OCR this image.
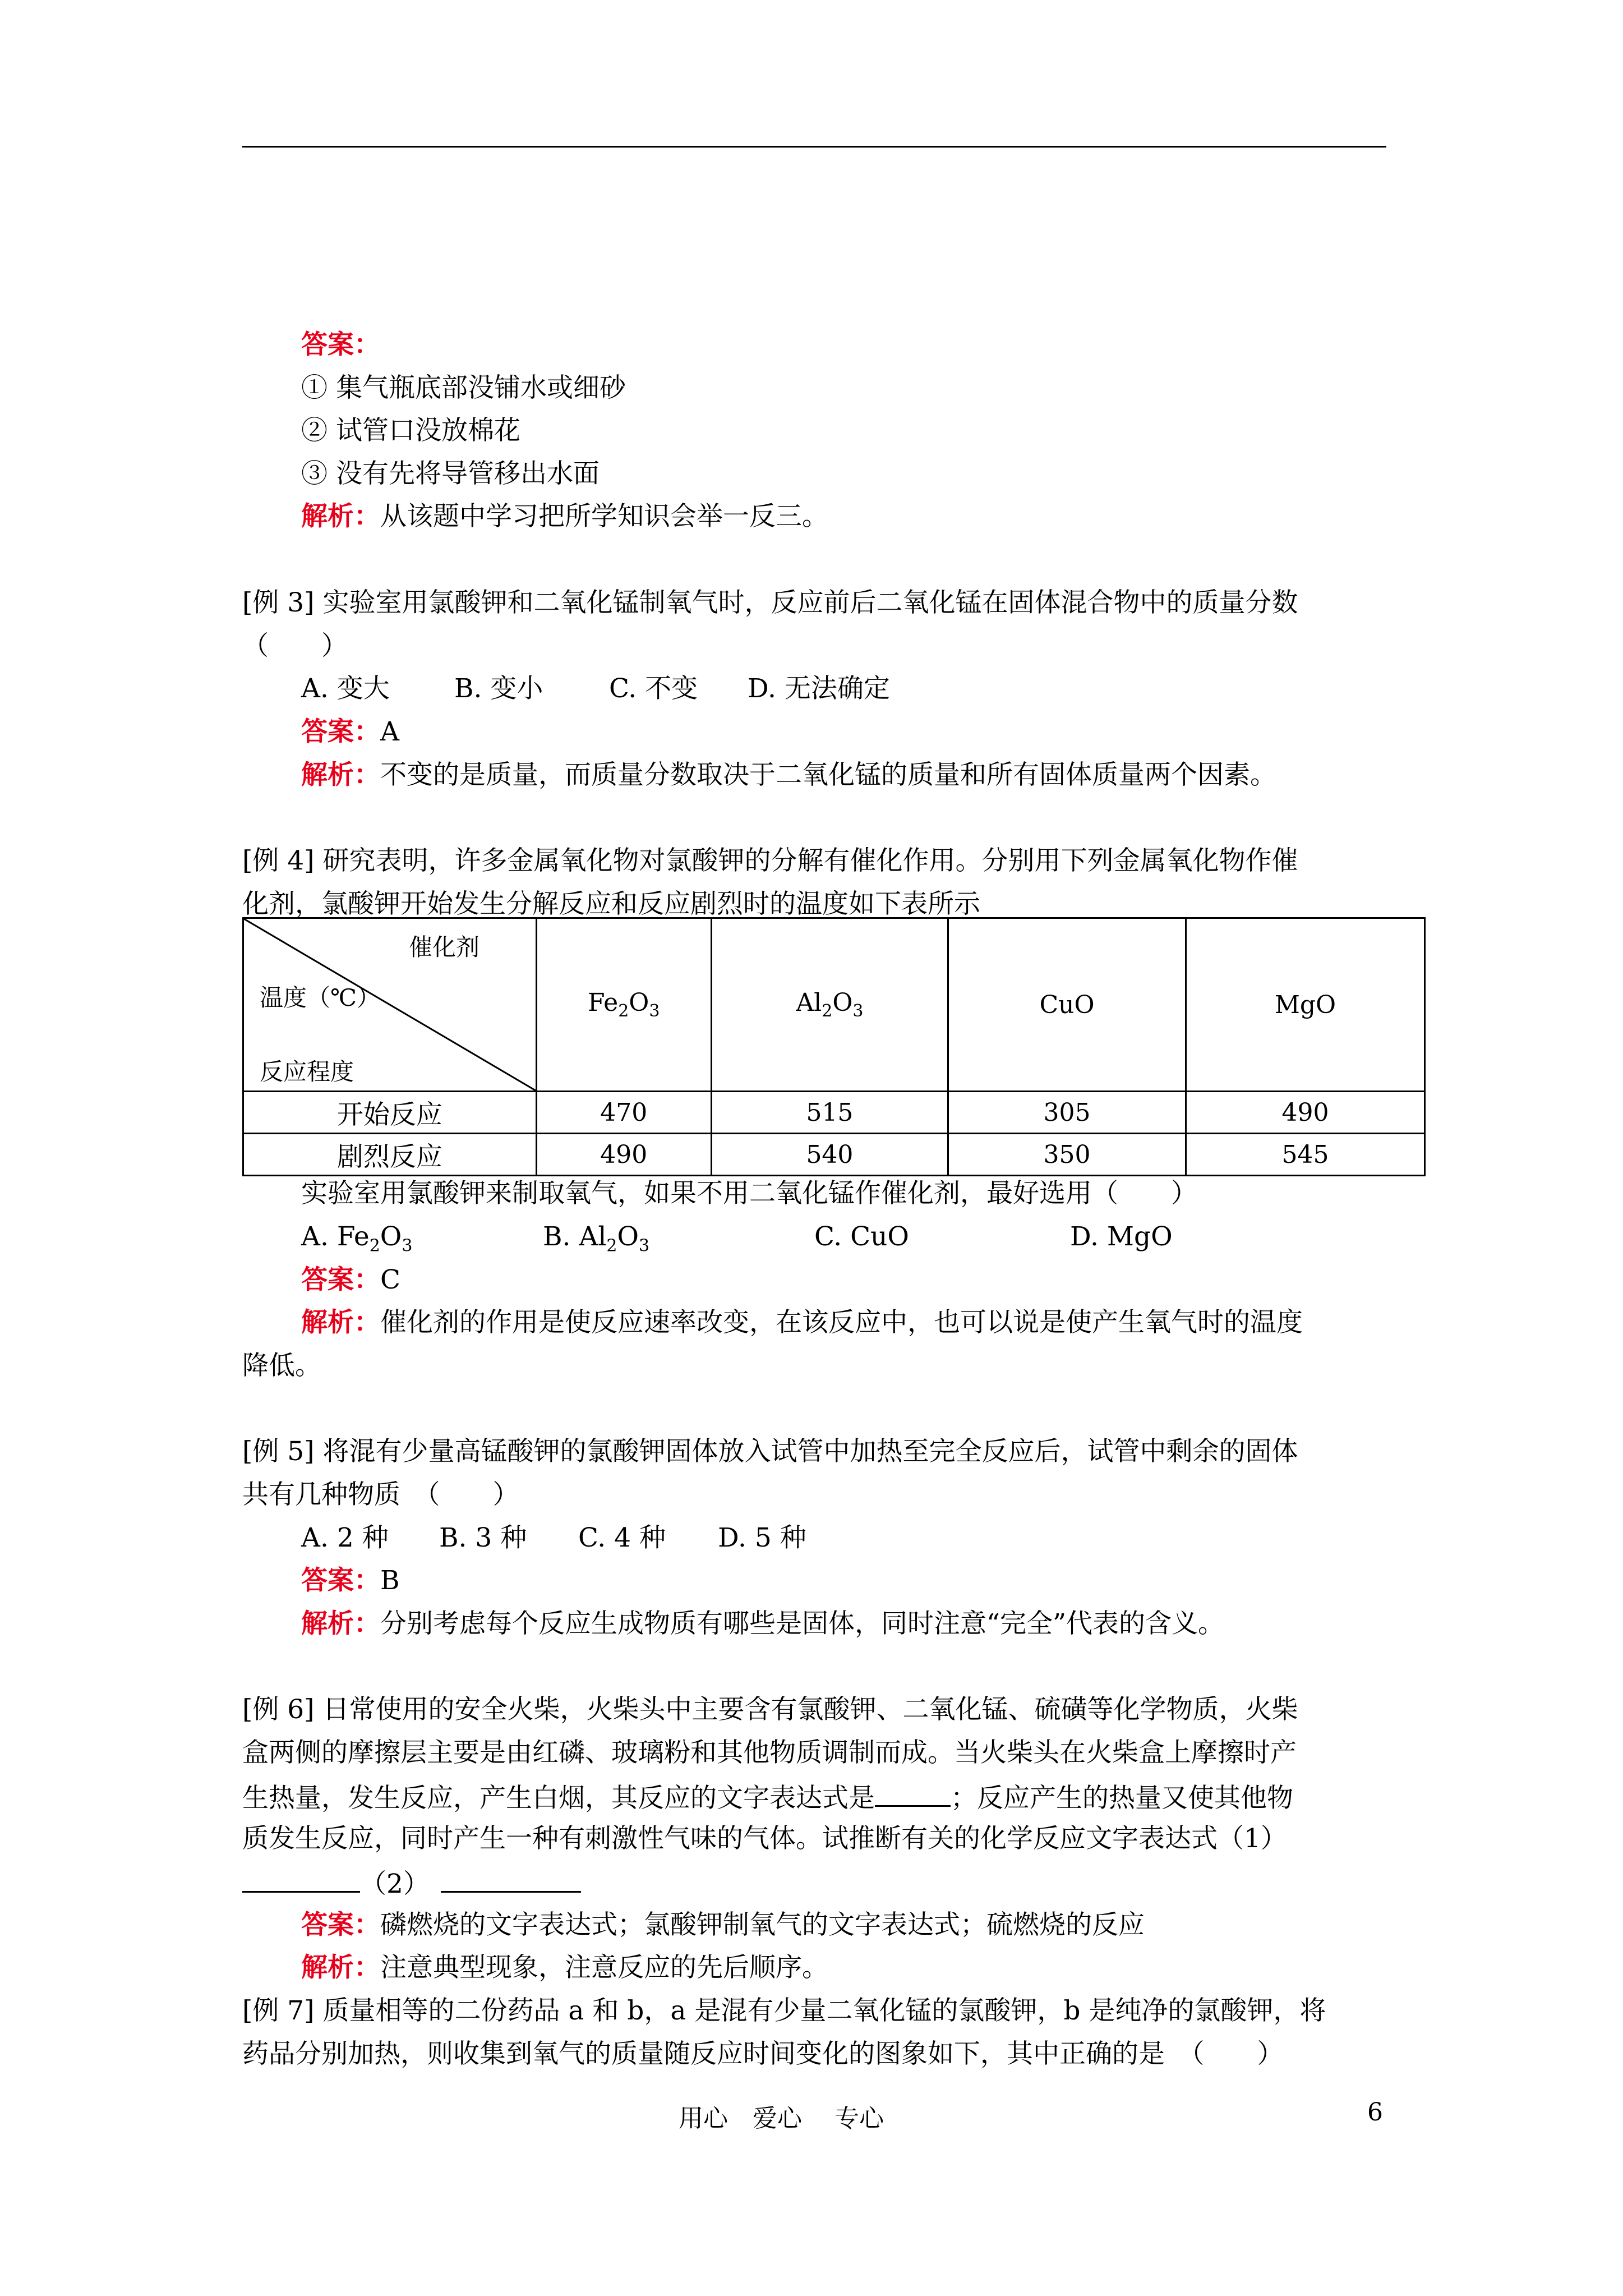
答案：
① 集气瓶底部没铺水或细砂
② 试管口没放棉花
③ 没有先将导管移出水面
解析：从该题中学习把所学知识会举一反三。
[例 3] 实验室用氯酸钾和二氧化锰制氧气时，反应前后二氧化锰在固体混合物中的质量分数
（　　）
A. 变大 B. 变小	C. 不变 D. 无法确定
答案：A
解析：不变的是质量，而质量分数取决于二氧化锰的质量和所有固体质量两个因素。
[例 4] 研究表明，许多金属氧化物对氯酸钾的分解有催化作用。分别用下列金属氧化物作催
化剂，氯酸钾开始发生分解反应和反应剧烈时的温度如下表所示
催化剂
温度（℃）
反应程度	$Fe_2O_3$	$Al_2O_3$	CuO	MgO
开始反应	470	515	305	490
剧烈反应	490	540	350	545
实验室用氯酸钾来制取氧气，如果不用二氧化锰作催化剂，最好选用（　　）
A. $Fe_2O_3$	B. $Al_2O_3$	C. CuO	D. MgO
答案：C
解析：催化剂的作用是使反应速率改变，在该反应中，也可以说是使产生氧气时的温度
降低。
[例 5] 将混有少量高锰酸钾的氯酸钾固体放入试管中加热至完全反应后，试管中剩余的固体
共有几种物质　（　　）
A. 2 种 B. 3 种 C. 4 种 D. 5 种
答案：B
解析：分别考虑每个反应生成物质有哪些是固体，同时注意“完全”代表的含义。
[例 6] 日常使用的安全火柴，火柴头中主要含有氯酸钾、二氧化锰、硫磺等化学物质，火柴
盒两侧的摩擦层主要是由红磷、玻璃粉和其他物质调制而成。当火柴头在火柴盒上摩擦时产
生热量，发生反应，产生白烟，其反应的文字表达式是	；反应产生的热量又使其他物
质发生反应，同时产生一种有刺激性气味的气体。试推断有关的化学反应文字表达式（1）
（2）
答案：磷燃烧的文字表达式；氯酸钾制氧气的文字表达式；硫燃烧的反应
解析：注意典型现象，注意反应的先后顺序。
[例 7] 质量相等的二份药品 a 和 b，a 是混有少量二氧化锰的氯酸钾，b 是纯净的氯酸钾，将
药品分别加热，则收集到氧气的质量随反应时间变化的图象如下，其中正确的是　（　　）
用心　爱心　 专心	6
